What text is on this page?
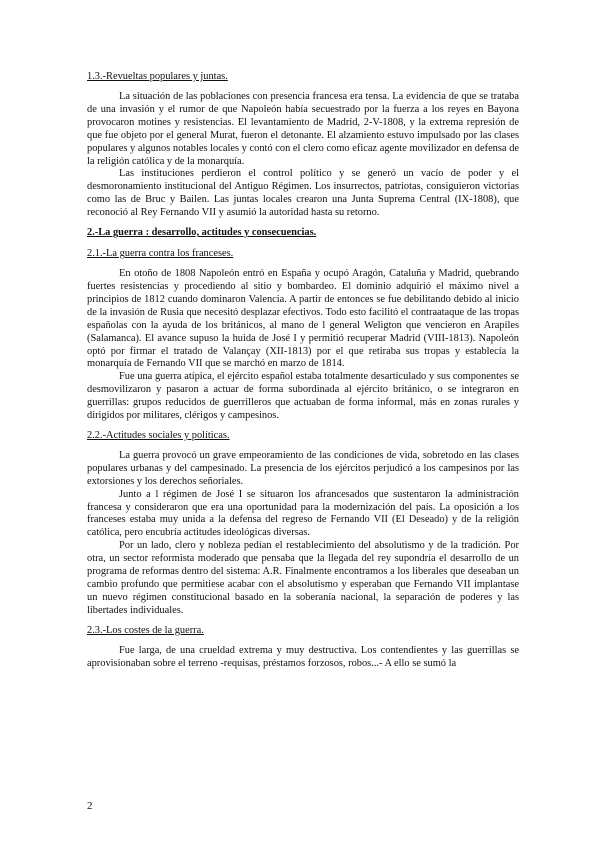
1.3.-Revueltas populares y juntas.

La situación de las poblaciones con presencia francesa era tensa. La evidencia de que se trataba de una invasión y el rumor de que Napoleón había secuestrado por la fuerza a los reyes en Bayona provocaron motines y resistencias. El levantamiento de Madrid, 2-V-1808, y la extrema represión de que fue objeto por el general Murat, fueron el detonante. El alzamiento estuvo impulsado por las clases populares y algunos notables locales y contó con el clero como eficaz agente movilizador en defensa de la religión católica y de la monarquía.

Las instituciones perdieron el control político y se generó un vacío de poder y el desmoronamiento institucional del Antiguo Régimen. Los insurrectos, patriotas, consiguieron victorias como las de Bruc y Bailen. Las juntas locales crearon una Junta Suprema Central (IX-1808), que reconoció al Rey Fernando VII y asumió la autoridad hasta su retorno.

2.-La guerra : desarrollo, actitudes y consecuencias.
2.1.-La guerra contra los franceses.

En otoño de 1808 Napoleón entró en España y ocupó Aragón, Cataluña y Madrid, quebrando fuertes resistencias y procediendo al sitio y bombardeo. El dominio adquirió el máximo nivel a principios de 1812 cuando dominaron Valencia. A partir de entonces se fue debilitando debido al inicio de la invasión de Rusia que necesitó desplazar efectivos. Todo esto facilitó el contraataque de las tropas españolas con la ayuda de los británicos, al mano de l general Weligton que vencieron en Arapiles (Salamanca). El avance supuso la huida de José I y permitió recuperar Madrid (VIII-1813). Napoleón optó por firmar el tratado de Valançay (XII-1813) por el que retiraba sus tropas y establecía la monarquía de Fernando VII que se marchó en marzo de 1814.

Fue una guerra atípica, el ejército español estaba totalmente desarticulado y sus componentes se desmovilizaron y pasaron a actuar de forma subordinada al ejército británico, o se integraron en guerrillas: grupos reducidos de guerrilleros que actuaban de forma informal, más en zonas rurales y dirigidos por militares, clérigos y campesinos.

2.2.-Actitudes sociales y políticas.

La guerra provocó un grave empeoramiento de las condiciones de vida, sobretodo en las clases populares urbanas y del campesinado. La presencia de los ejércitos perjudicó a los campesinos por las extorsiones y los derechos señoriales.

Junto a l régimen de José I se situaron los afrancesados que sustentaron la administración francesa y consideraron que era una oportunidad para la modernización del país. La oposición a los franceses estaba muy unida a la defensa del regreso de Fernando VII (El Deseado) y de la religión católica, pero encubría actitudes ideológicas diversas.

Por un lado, clero y nobleza pedían el restablecimiento del absolutismo y de la tradición. Por otra, un sector reformista moderado que pensaba que la llegada del rey supondría el desarrollo de un programa de reformas dentro del sistema: A.R. Finalmente encontramos a los liberales que deseaban un cambio profundo que permitiese acabar con el absolutismo y esperaban que Fernando VII implantase un nuevo régimen constitucional basado en la soberanía nacional, la separación de poderes y las libertades individuales.

2.3.-Los costes de la guerra.

Fue larga, de una crueldad extrema y muy destructiva. Los contendientes y las guerrillas se aprovisionaban sobre el terreno -requisas, préstamos forzosos, robos...- A ello se sumó la

2
